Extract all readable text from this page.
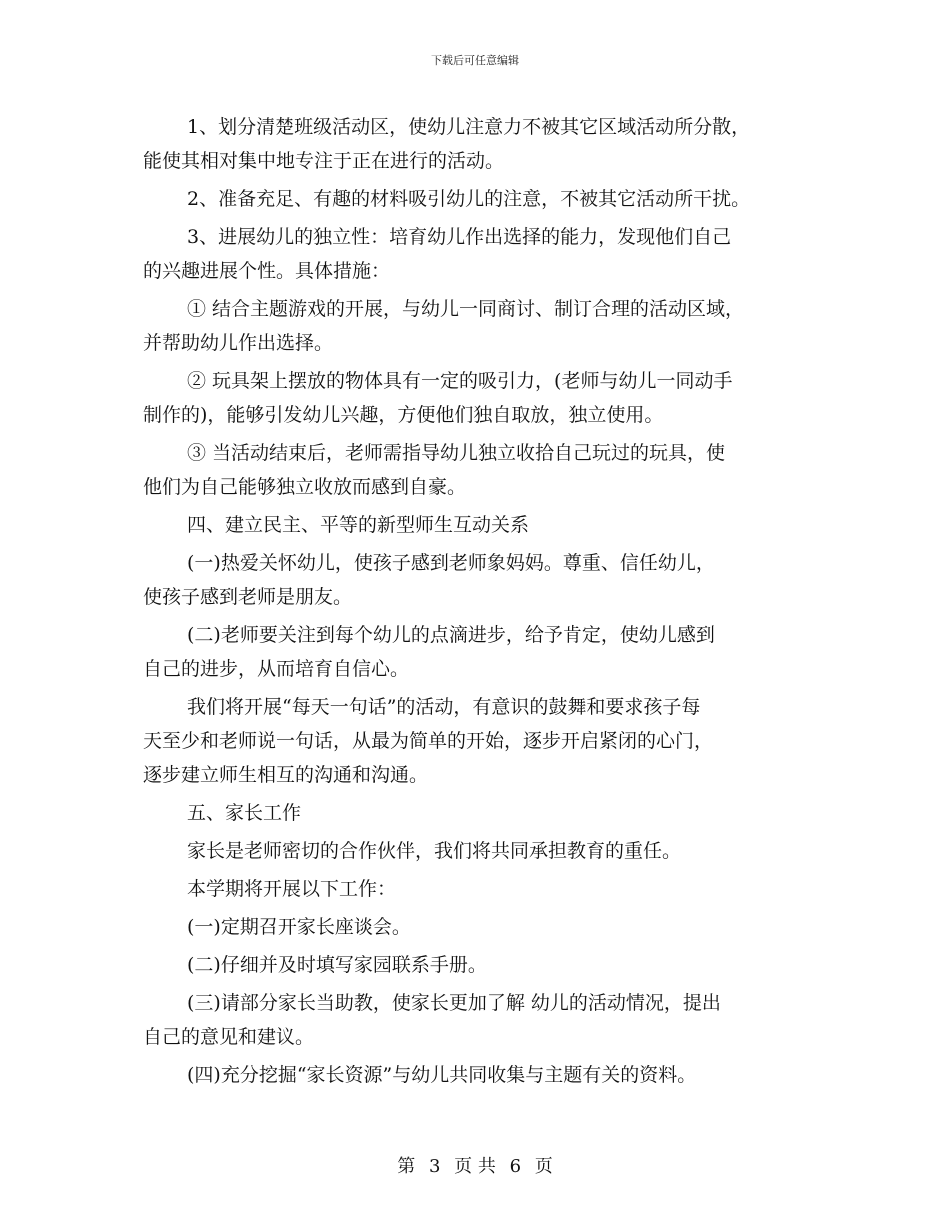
下载后可任意编辑
1、划分清楚班级活动区，使幼儿注意力不被其它区域活动所分散，
能使其相对集中地专注于正在进行的活动。
2、准备充足、有趣的材料吸引幼儿的注意，不被其它活动所干扰。
3、进展幼儿的独立性：培育幼儿作出选择的能力，发现他们自己
的兴趣进展个性。具体措施：
① 结合主题游戏的开展，与幼儿一同商讨、制订合理的活动区域，
并帮助幼儿作出选择。
② 玩具架上摆放的物体具有一定的吸引力，(老师与幼儿一同动手
制作的)，能够引发幼儿兴趣，方便他们独自取放，独立使用。
③ 当活动结束后，老师需指导幼儿独立收拾自己玩过的玩具，使
他们为自己能够独立收放而感到自豪。
四、建立民主、平等的新型师生互动关系
(一)热爱关怀幼儿，使孩子感到老师象妈妈。尊重、信任幼儿，
使孩子感到老师是朋友。
(二)老师要关注到每个幼儿的点滴进步，给予肯定，使幼儿感到
自己的进步，从而培育自信心。
我们将开展“每天一句话”的活动，有意识的鼓舞和要求孩子每
天至少和老师说一句话，从最为简单的开始，逐步开启紧闭的心门，
逐步建立师生相互的沟通和沟通。
五、家长工作
家长是老师密切的合作伙伴，我们将共同承担教育的重任。
本学期将开展以下工作：
(一)定期召开家长座谈会。
(二)仔细并及时填写家园联系手册。
(三)请部分家长当助教，使家长更加了解 幼儿的活动情况，提出
自己的意见和建议。
(四)充分挖掘“家长资源”与幼儿共同收集与主题有关的资料。
第 3 页 共 6 页
